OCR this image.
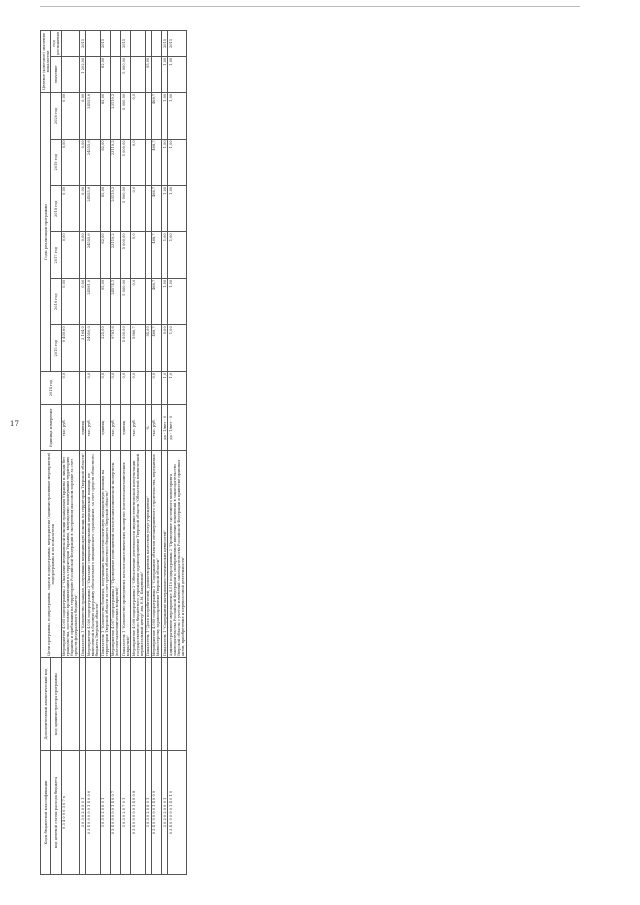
17
Коды бюджетной классификации	Дополнительный аналитический код	Цели программы, подпрограммы, задачи подпрограммы, мероприятия (административные мероприятия) подпрограммы и их показатели	Единица измерения	2014 год	Годы реализации программы						Целевое (конечное) значение показателя	
код целевой статьи расхода бюджета	код администратора программы				2015 год	2016 год	2017 год	2018 год	2019 год	2020 год	значение	год достижения
0 3 4 0 9 0 3 0 7 x		Мероприятие 4.005 подпрограммы 2 "Оказание медицинской помощи гражданам Украины и лицам без гражданства, постоянно проживающим на территории Украины, вынужденно покинувшим территорию Украины и прибывшим на территорию Российской Федерации в экстренном массовом порядке за счет средств федерального бюджета"	тыс. руб.	0,0	9 400,60	0,00	0,00	0,00	0,00	0,00		
3 0 3 0 2 0 5 0 1		Показатель 1 "Количество граждан, получивших медицинскую помощь на территории Тверской области"	единиц		3 164,0	0,00	0,00	0,00	0,00	0,00	1 202,00	2015
0 3 4 0 9 0 9 0 1 4 0 0 6		Мероприятие 4.006 подпрограммы 2 "Оказание специализированной медицинской помощи, не включенной в базовую программу обязательного медицинского страхования, за счет средств областного бюджета Тверской области"	тыс. руб.	0,0	24050,0	24581,0	24555,6	24555,6	24555,6	24555,6		
3 0 3 0 2 0 6 0 1		Показатель 1 "Количество больных, получивших высокотехнологичную медицинскую помощь на территории Тверской области за счет средств областного бюджета Тверской области"	единиц	0,0	225,00	95,00	82,00	82,00	82,00	82,00	82,00	2015
0 3 4 0 9 0 9 0 1 4 0 0 7		Мероприятие 4.007 подпрограммы 2 "Проведение полноценной патологоанатомической экспертизы (патологоанатомических вскрытий)"	тыс. руб.	0,0	9781,6	24574,1	23119,2	23119,2	23119,2	23119,2		
3 0 3 0 2 0 7 0 1		Показатель 1 "Количество проведенных патологоанатомических экспертиз (патологоанатомических вскрытий)"	единиц	0,0	5 000,00	5 000,00	5 000,00	5 000,00	5 000,00	5 000,00	5 000,00	2015
0 3 4 0 9 0 9 0 1 4 0 0 8		Мероприятие 4.008 подпрограммы 2 "Обеспечение деятельности медико-генетической консультации государственного бюджетного учреждения здравоохранения Тверской области "Областной клинический перинатальный центр" им. Е.М. Бакуниной"	тыс. руб.	0,0	5986,7	0,0	0,0	0,0	0,0	0,0		
3 0 3 0 2 0 8 0 1		Показатель 1 "Доля потребителей, удовлетворенных качеством услуг учреждения"	%		95,00						95,00	
0 3 4 0 9 0 9 0 1 4 0 0 9		Мероприятие 4.009 подпрограммы 2 "Содержание объектов незавершенного строительства, переданных Министерству здравоохранения Тверской области"	тыс. руб.	0,0	468,7	468,7	468,7	468,7	468,7	468,7		
3 0 2 0 2 0 9 0 1		Показатель 1 "Содержание материально-технических ценностей"	да - 1/нет - 0	1,0	0,00	1,00	1,00	1,00	1,00	1,00	1,00	2015
0 3 4 0 9 0 9 0 1 4 0 1 0		Административное мероприятие 4.010 подпрограммы 2 "Проведение системного мониторинга законодательства Российской Федерации и своевременное внесение изменений в законодательство Тверской области с учетом изменений законодательства Российской Федерации и принятие правовых актов, приобретения и перевозочной деятельности"	да - 1/нет - 0	1,0	1,00	1,00	1,00	1,00	1,00	1,00	1,00	2015
